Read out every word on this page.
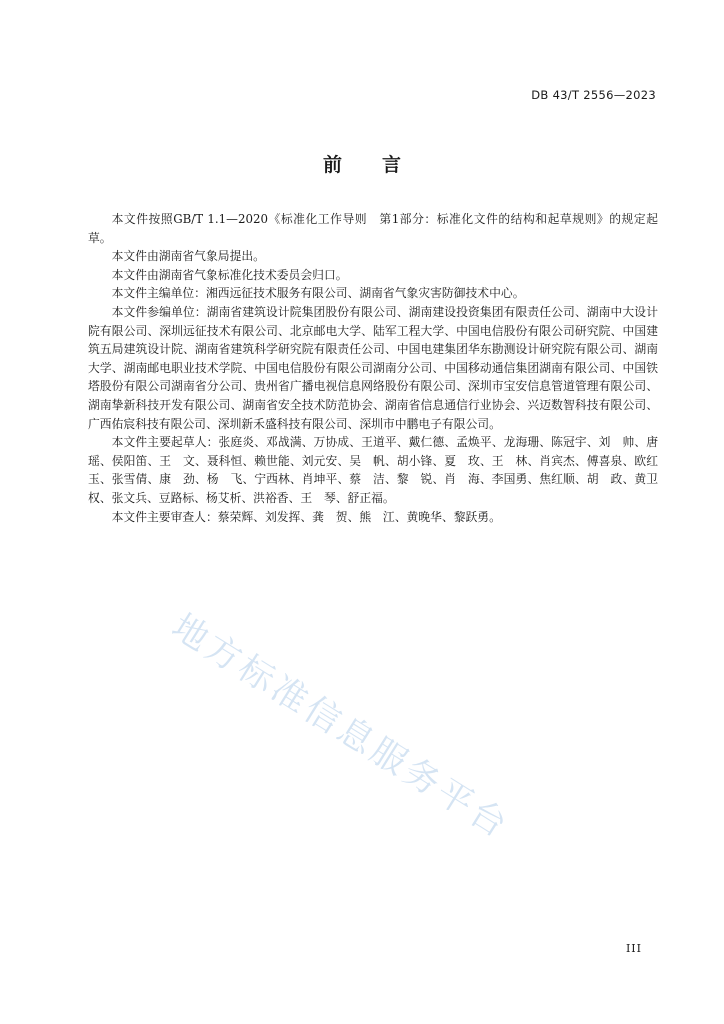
DB 43/T 2556—2023
前言

本文件按照GB/T 1.1—2020《标准化工作导则　第1部分：标准化文件的结构和起草规则》的规定起草。

本文件由湖南省气象局提出。

本文件由湖南省气象标准化技术委员会归口。

本文件主编单位：湘西远征技术服务有限公司、湖南省气象灾害防御技术中心。

本文件参编单位：湖南省建筑设计院集团股份有限公司、湖南建设投资集团有限责任公司、湖南中大设计院有限公司、深圳远征技术有限公司、北京邮电大学、陆军工程大学、中国电信股份有限公司研究院、中国建筑五局建筑设计院、湖南省建筑科学研究院有限责任公司、中国电建集团华东勘测设计研究院有限公司、湖南大学、湖南邮电职业技术学院、中国电信股份有限公司湖南分公司、中国移动通信集团湖南有限公司、中国铁塔股份有限公司湖南省分公司、贵州省广播电视信息网络股份有限公司、深圳市宝安信息管道管理有限公司、湖南挚新科技开发有限公司、湖南省安全技术防范协会、湖南省信息通信行业协会、兴迈数智科技有限公司、广西佑宸科技有限公司、深圳新禾盛科技有限公司、深圳市中鹏电子有限公司。

本文件主要起草人：张庭炎、邓战满、万协成、王道平、戴仁德、孟焕平、龙海珊、陈冠宇、刘　帅、唐　瑶、侯阳笛、王　文、聂科恒、赖世能、刘元安、吴　帆、胡小锋、夏　玫、王　林、肖宾杰、傅喜泉、欧红玉、张雪倩、康　劲、杨　飞、宁西林、肖坤平、蔡　洁、黎　锐、肖　海、李国勇、焦红顺、胡　政、黄卫权、张文兵、豆路标、杨艾析、洪裕香、王　琴、舒正福。

本文件主要审查人：蔡荣辉、刘发挥、龚　贺、熊　江、黄晚华、黎跃勇。

地方标准信息服务平台
III
